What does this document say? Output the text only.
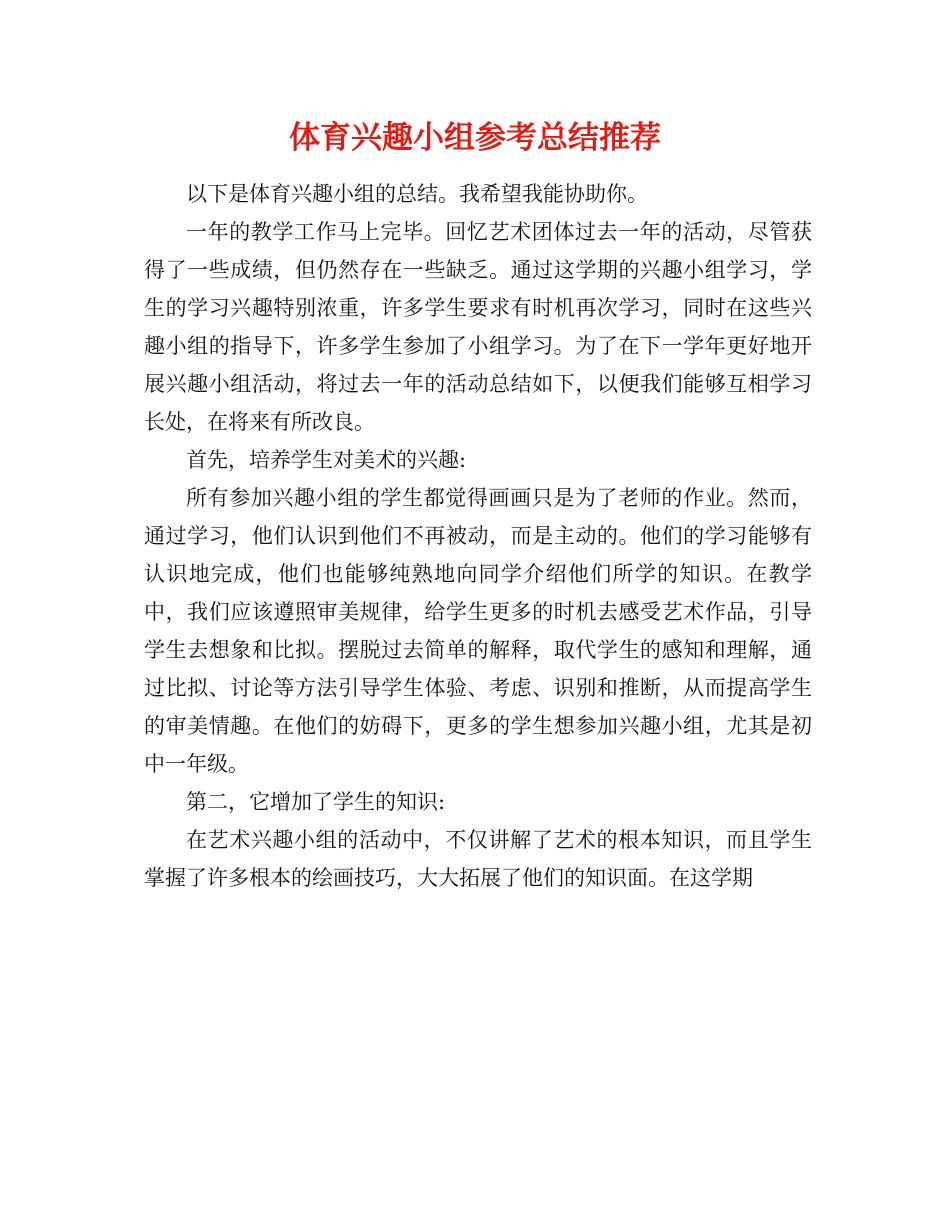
体育兴趣小组参考总结推荐

以下是体育兴趣小组的总结。我希望我能协助你。

一年的教学工作马上完毕。回忆艺术团体过去一年的活动，尽管获得了一些成绩，但仍然存在一些缺乏。通过这学期的兴趣小组学习，学生的学习兴趣特别浓重，许多学生要求有时机再次学习，同时在这些兴趣小组的指导下，许多学生参加了小组学习。为了在下一学年更好地开展兴趣小组活动，将过去一年的活动总结如下，以便我们能够互相学习长处，在将来有所改良。

首先，培养学生对美术的兴趣:

所有参加兴趣小组的学生都觉得画画只是为了老师的作业。然而，通过学习，他们认识到他们不再被动，而是主动的。他们的学习能够有认识地完成，他们也能够纯熟地向同学介绍他们所学的知识。在教学中，我们应该遵照审美规律，给学生更多的时机去感受艺术作品，引导学生去想象和比拟。摆脱过去简单的解释，取代学生的感知和理解，通过比拟、讨论等方法引导学生体验、考虑、识别和推断，从而提高学生的审美情趣。在他们的妨碍下，更多的学生想参加兴趣小组，尤其是初中一年级。

第二，它增加了学生的知识:

在艺术兴趣小组的活动中，不仅讲解了艺术的根本知识，而且学生掌握了许多根本的绘画技巧，大大拓展了他们的知识面。在这学期
